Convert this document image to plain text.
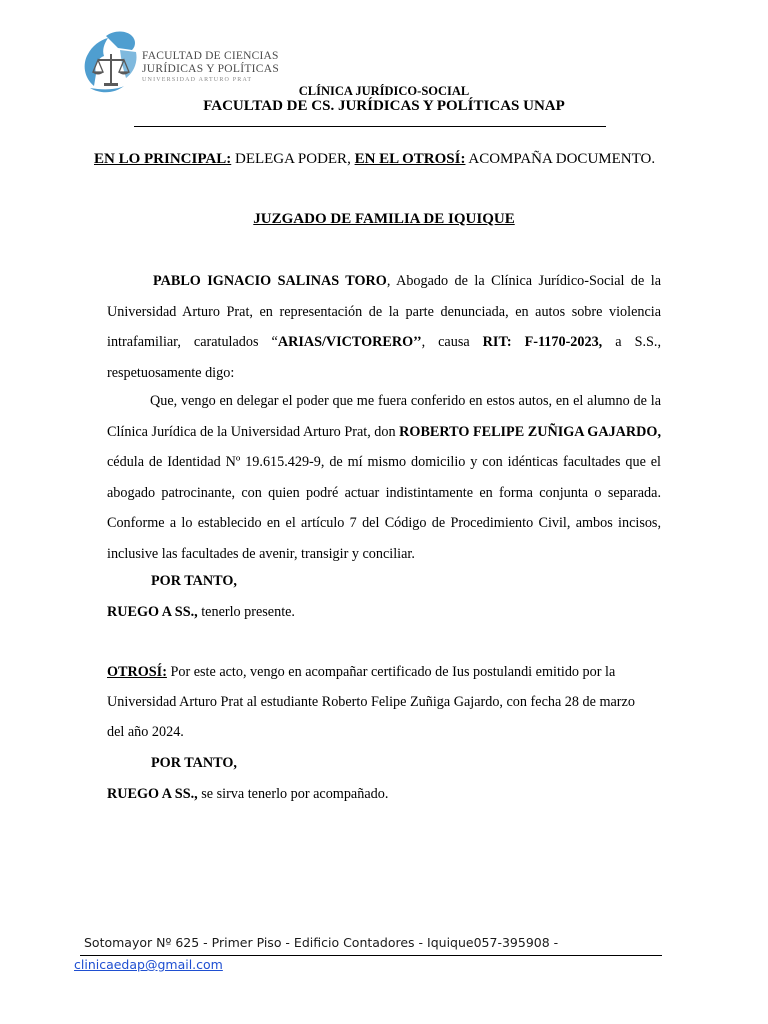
FACULTAD DE CIENCIAS
JURÍDICAS Y POLÍTICAS
UNIVERSIDAD ARTURO PRAT
CLÍNICA JURÍDICO-SOCIAL
FACULTAD DE CS. JURÍDICAS Y POLÍTICAS UNAP
EN LO PRINCIPAL: DELEGA PODER, EN EL OTROSÍ: ACOMPAÑA DOCUMENTO.
JUZGADO DE FAMILIA DE IQUIQUE
PABLO IGNACIO SALINAS TORO, Abogado de la Clínica Jurídico-Social de la Universidad Arturo Prat, en representación de la parte denunciada, en autos sobre violencia intrafamiliar, caratulados “ARIAS/VICTORERO’’, causa RIT: F-1170-2023, a S.S., respetuosamente digo:
Que, vengo en delegar el poder que me fuera conferido en estos autos, en el alumno de la Clínica Jurídica de la Universidad Arturo Prat, don ROBERTO FELIPE ZUÑIGA GAJARDO, cédula de Identidad Nº 19.615.429-9, de mí mismo domicilio y con idénticas facultades que el abogado patrocinante, con quien podré actuar indistintamente en forma conjunta o separada. Conforme a lo establecido en el artículo 7 del Código de Procedimiento Civil, ambos incisos, inclusive las facultades de avenir, transigir y conciliar.
POR TANTO,
RUEGO A SS., tenerlo presente.
OTROSÍ: Por este acto, vengo en acompañar certificado de Ius postulandi emitido por la
Universidad Arturo Prat al estudiante Roberto Felipe Zuñiga Gajardo, con fecha 28 de marzo
del año 2024.
POR TANTO,
RUEGO A SS., se sirva tenerlo por acompañado.
Sotomayor Nº 625 - Primer Piso - Edificio Contadores - Iquique057-395908 -
clinicaedap@gmail.com
